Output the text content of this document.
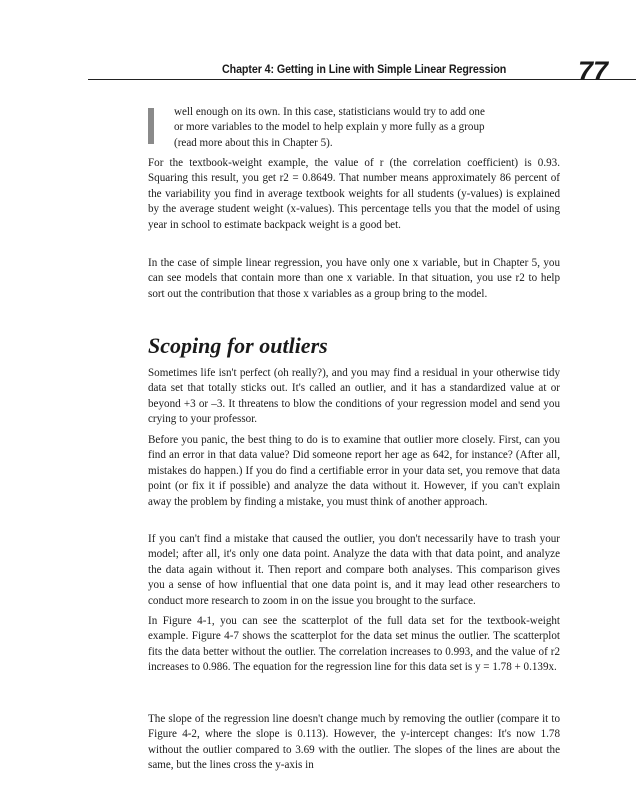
Chapter 4: Getting in Line with Simple Linear Regression	77

well enough on its own. In this case, statisticians would try to add one

or more variables to the model to help explain y more fully as a group

(read more about this in Chapter 5).

For the textbook-weight example, the value of r (the correlation coefficient) is 0.93. Squaring this result, you get r2 = 0.8649. That number means approximately 86 percent of the variability you find in average textbook weights for all students (y-values) is explained by the average student weight (x-values). This percentage tells you that the model of using year in school to estimate backpack weight is a good bet.

In the case of simple linear regression, you have only one x variable, but in Chapter 5, you can see models that contain more than one x variable. In that situation, you use r2 to help sort out the contribution that those x variables as a group bring to the model.

Scoping for outliers

Sometimes life isn't perfect (oh really?), and you may find a residual in your otherwise tidy data set that totally sticks out. It's called an outlier, and it has a standardized value at or beyond +3 or –3. It threatens to blow the conditions of your regression model and send you crying to your professor.

Before you panic, the best thing to do is to examine that outlier more closely. First, can you find an error in that data value? Did someone report her age as 642, for instance? (After all, mistakes do happen.) If you do find a certifiable error in your data set, you remove that data point (or fix it if possible) and analyze the data without it. However, if you can't explain away the problem by finding a mistake, you must think of another approach.

If you can't find a mistake that caused the outlier, you don't necessarily have to trash your model; after all, it's only one data point. Analyze the data with that data point, and analyze the data again without it. Then report and compare both analyses. This comparison gives you a sense of how influential that one data point is, and it may lead other researchers to conduct more research to zoom in on the issue you brought to the surface.

In Figure 4-1, you can see the scatterplot of the full data set for the textbook-weight example. Figure 4-7 shows the scatterplot for the data set minus the outlier. The scatterplot fits the data better without the outlier. The correlation increases to 0.993, and the value of r2 increases to 0.986. The equation for the regression line for this data set is y = 1.78 + 0.139x.

The slope of the regression line doesn't change much by removing the outlier (compare it to Figure 4-2, where the slope is 0.113). However, the y-intercept changes: It's now 1.78 without the outlier compared to 3.69 with the outlier. The slopes of the lines are about the same, but the lines cross the y-axis in
